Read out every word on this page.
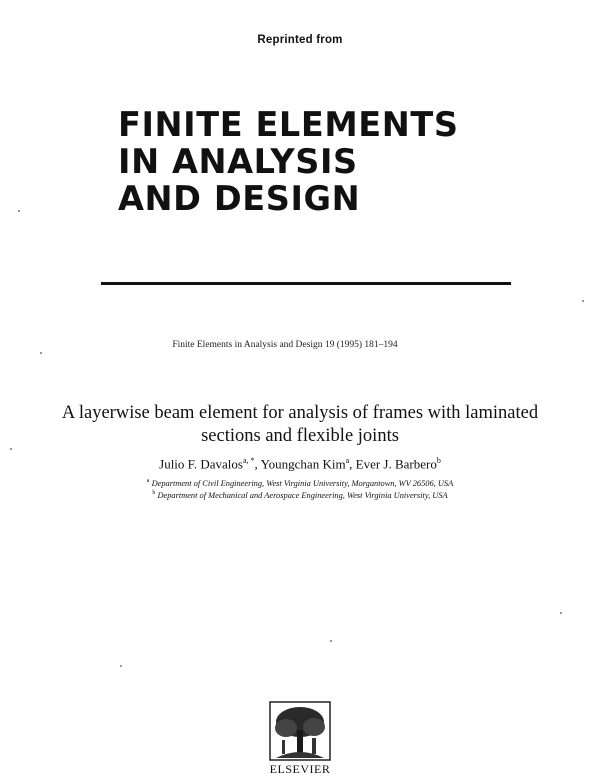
Reprinted from
FINITE ELEMENTS
IN ANALYSIS
AND DESIGN
Finite Elements in Analysis and Design 19 (1995) 181–194
A layerwise beam element for analysis of frames with laminated
sections and flexible joints
Julio F. Davalos$^{a, *}$, Youngchan Kim$^a$, Ever J. Barbero$^b$
$^a$ Department of Civil Engineering, West Virginia University, Morgantown, WV 26506, USA
$^b$ Department of Mechanical and Aerospace Engineering, West Virginia University, USA
ELSEVIER
